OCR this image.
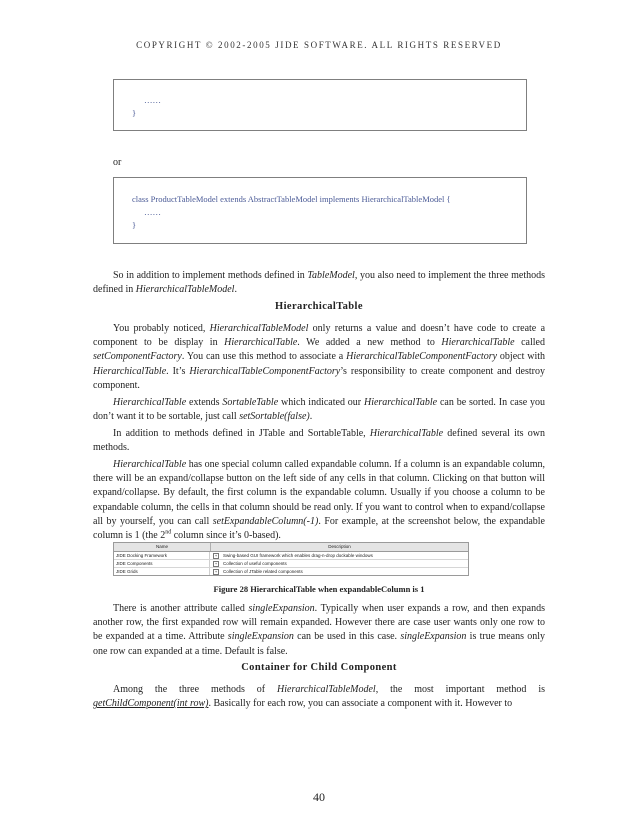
COPYRIGHT © 2002-2005 JIDE SOFTWARE. ALL RIGHTS RESERVED
……
}
or
class ProductTableModel extends AbstractTableModel implements HierarchicalTableModel {
……
}
So in addition to implement methods defined in TableModel, you also need to implement the three methods defined in HierarchicalTableModel.
HierarchicalTable
You probably noticed, HierarchicalTableModel only returns a value and doesn’t have code to create a component to be display in HierarchicalTable. We added a new method to HierarchicalTable called setComponentFactory. You can use this method to associate a HierarchicalTableComponentFactory object with HierarchicalTable. It’s HierarchicalTableComponentFactory’s responsibility to create component and destroy component.
HierarchicalTable extends SortableTable which indicated our HierarchicalTable can be sorted. In case you don’t want it to be sortable, just call setSortable(false).
In addition to methods defined in JTable and SortableTable, HierarchicalTable defined several its own methods.
HierarchicalTable has one special column called expandable column. If a column is an expandable column, there will be an expand/collapse button on the left side of any cells in that column. Clicking on that button will expand/collapse. By default, the first column is the expandable column. Usually if you choose a column to be expandable column, the cells in that column should be read only. If you want to control when to expand/collapse all by yourself, you can call setExpandableColumn(-1). For example, at the screenshot below, the expandable column is 1 (the 2nd column since it’s 0-based).
Name	Description
JIDE Docking Framework	+	Swing-based GUI framework which enables drag-n-drop dockable windows
JIDE Components	+	Collection of useful components
JIDE Grids	+	Collection of JTable related components
Figure 28 HierarchicalTable when expandableColumn is 1
There is another attribute called singleExpansion. Typically when user expands a row, and then expands another row, the first expanded row will remain expanded. However there are case user wants only one row to be expanded at a time. Attribute singleExpansion can be used in this case. singleExpansion is true means only one row can expanded at a time. Default is false.
Container for Child Component
Among the three methods of HierarchicalTableModel, the most important method is getChildComponent(int row). Basically for each row, you can associate a component with it. However to
40
